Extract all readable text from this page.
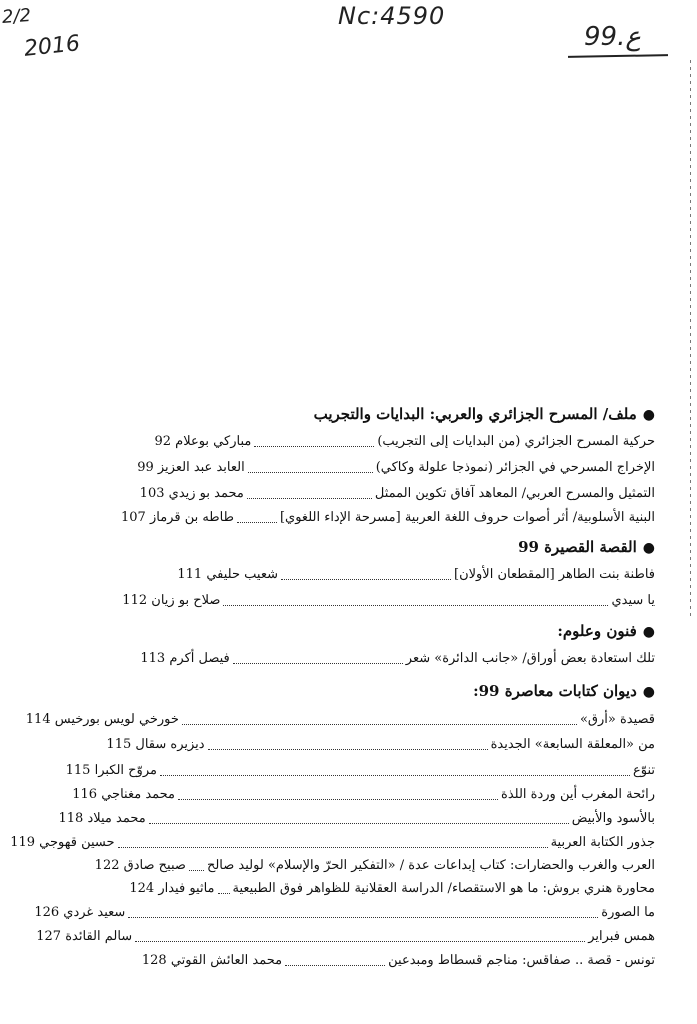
2/2
2016
Nc:4590
99.ع
●ملف/ المسرح الجزائري والعربي: البدايات والتجريب
حركية المسرح الجزائري (من البدايات إلى التجريب)مباركي بوعلام 92
الإخراج المسرحي في الجزائر (نموذجا علولة وكاكي)العابد عبد العزيز 99
التمثيل والمسرح العربي/ المعاهد آفاق تكوين الممثلمحمد بو زيدي 103
البنية الأسلوبية/ أثر أصوات حروف اللغة العربية [مسرحة الإداء اللغوي]طاطه بن قرماز 107
●القصة القصيرة 99
فاطنة بنت الطاهر [المقطعان الأولان]شعيب حليفي 111
يا سيديصلاح بو زيان 112
●فنون وعلوم:
تلك استعادة بعض أوراق/ «جانب الدائرة» شعرفيصل أكرم 113
●ديوان كتابات معاصرة 99:
قصيدة «أرق»خورخي لويس بورخيس 114
من «المعلقة السابعة» الجديدةديزيره سقال 115
تنوّعمروّح الكبرا 115
رائحة المغرب أين وردة اللذةمحمد مغناجي 116
بالأسود والأبيضمحمد ميلاد 118
جذور الكتابة العربيةحسين قهوجي 119
العرب والغرب والحضارات: كتاب إبداعات عدة / «التفكير الحرّ والإسلام» لوليد صالحصبيح صادق 122
محاورة هنري بروش: ما هو الاستقصاء/ الدراسة العقلانية للظواهر فوق الطبيعيةماثيو فيدار 124
ما الصورةسعيد غردي 126
همس فبرايرسالم القائدة 127
تونس - قصة .. صفاقس: مناجم قسطاط ومبدعينمحمد العائش القوتي 128
